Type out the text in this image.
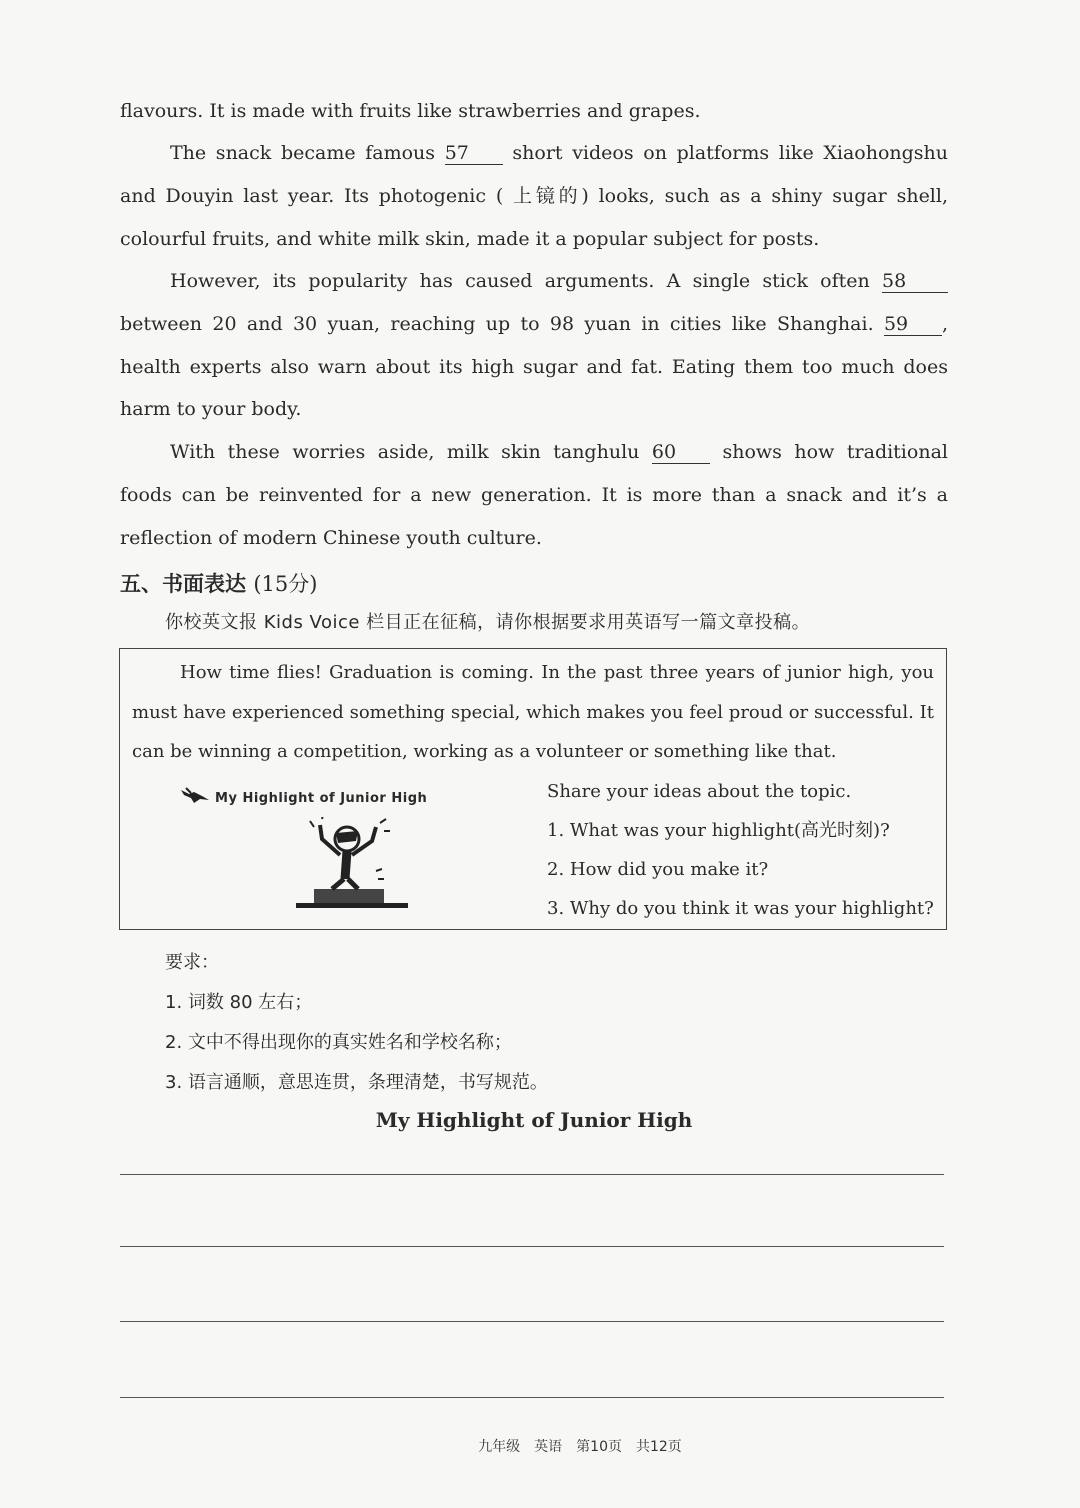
flavours. It is made with fruits like strawberries and grapes.
The snack became famous 57 short videos on platforms like Xiaohongshu
and Douyin last year. Its photogenic ( 上镜的) looks, such as a shiny sugar shell,
colourful fruits, and white milk skin, made it a popular subject for posts.
However, its popularity has caused arguments. A single stick often 58
between 20 and 30 yuan, reaching up to 98 yuan in cities like Shanghai. 59 ,
health experts also warn about its high sugar and fat. Eating them too much does
harm to your body.
With these worries aside, milk skin tanghulu 60 shows how traditional
foods can be reinvented for a new generation. It is more than a snack and it’s a
reflection of modern Chinese youth culture.
五、书面表达 (15分)
你校英文报 Kids Voice 栏目正在征稿，请你根据要求用英语写一篇文章投稿。
How time flies! Graduation is coming. In the past three years of junior high, you
must have experienced something special, which makes you feel proud or successful. It
can be winning a competition, working as a volunteer or something like that.
My Highlight of Junior High	Share your ideas about the topic.
1. What was your highlight(高光时刻)?
2. How did you make it?
3. Why do you think it was your highlight?
要求：
1. 词数 80 左右；
2. 文中不得出现你的真实姓名和学校名称；
3. 语言通顺，意思连贯，条理清楚，书写规范。
My Highlight of Junior High
九年级　英语　第10页　共12页
